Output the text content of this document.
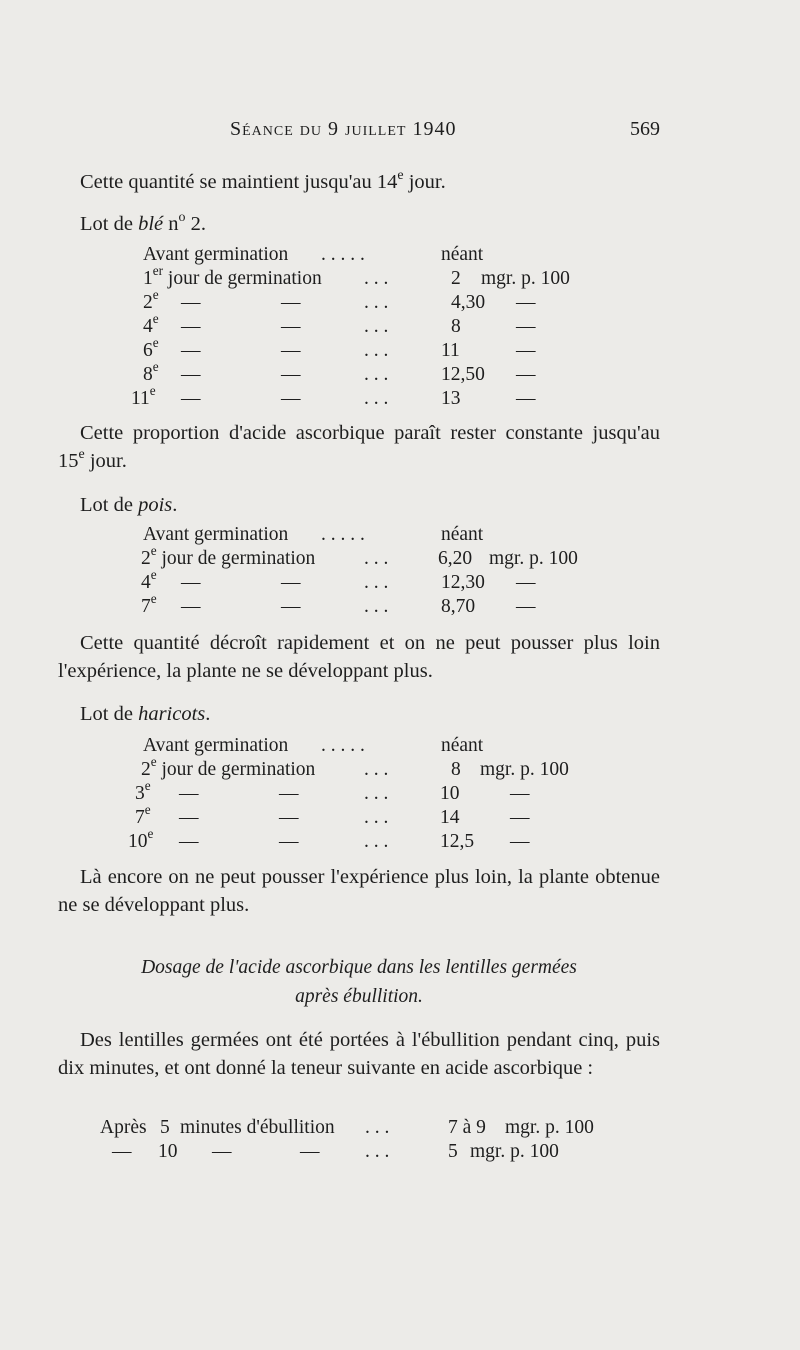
Séance du 9 juillet 1940	569
Cette quantité se maintient jusqu'au 14e jour.
Lot de blé $n^o$ 2.
Avant germination . . . . .	néant
1er jour de germination . . .	2 mgr. p. 100
2e —	—	. . .	4,30 —
4e —	—	. . .	8	—
6e —	—	. . .	11	—
8e —	—	. . .	12,50 —
11e —	—	. . .	13	—
Cette proportion d'acide ascorbique paraît rester constante jusqu'au 15e jour.
Lot de pois.
Avant germination . . . . .	néant
2e jour de germination . . .	6,20 mgr. p. 100
4e —	—	. . .	12,30 —
7e —	—	. . .	8,70 —
Cette quantité décroît rapidement et on ne peut pousser plus loin l'expérience, la plante ne se développant plus.
Lot de haricots.
Avant germination . . . . .	néant
2e jour de germination . . .	8 mgr. p. 100
3e —	—	. . .	10	—
7e —	—	. . .	14	—
10e —	—	. . .	12,5 —
Là encore on ne peut pousser l'expérience plus loin, la plante obtenue ne se développant plus.
Dosage de l'acide ascorbique dans les lentilles germées
après ébullition.
Des lentilles germées ont été portées à l'ébullition pendant cinq, puis dix minutes, et ont donné la teneur suivante en acide ascorbique :
Après 5 minutes d'ébullition . . .	7 à 9 mgr. p. 100
— 10 —	— . . .	5 mgr. p. 100
